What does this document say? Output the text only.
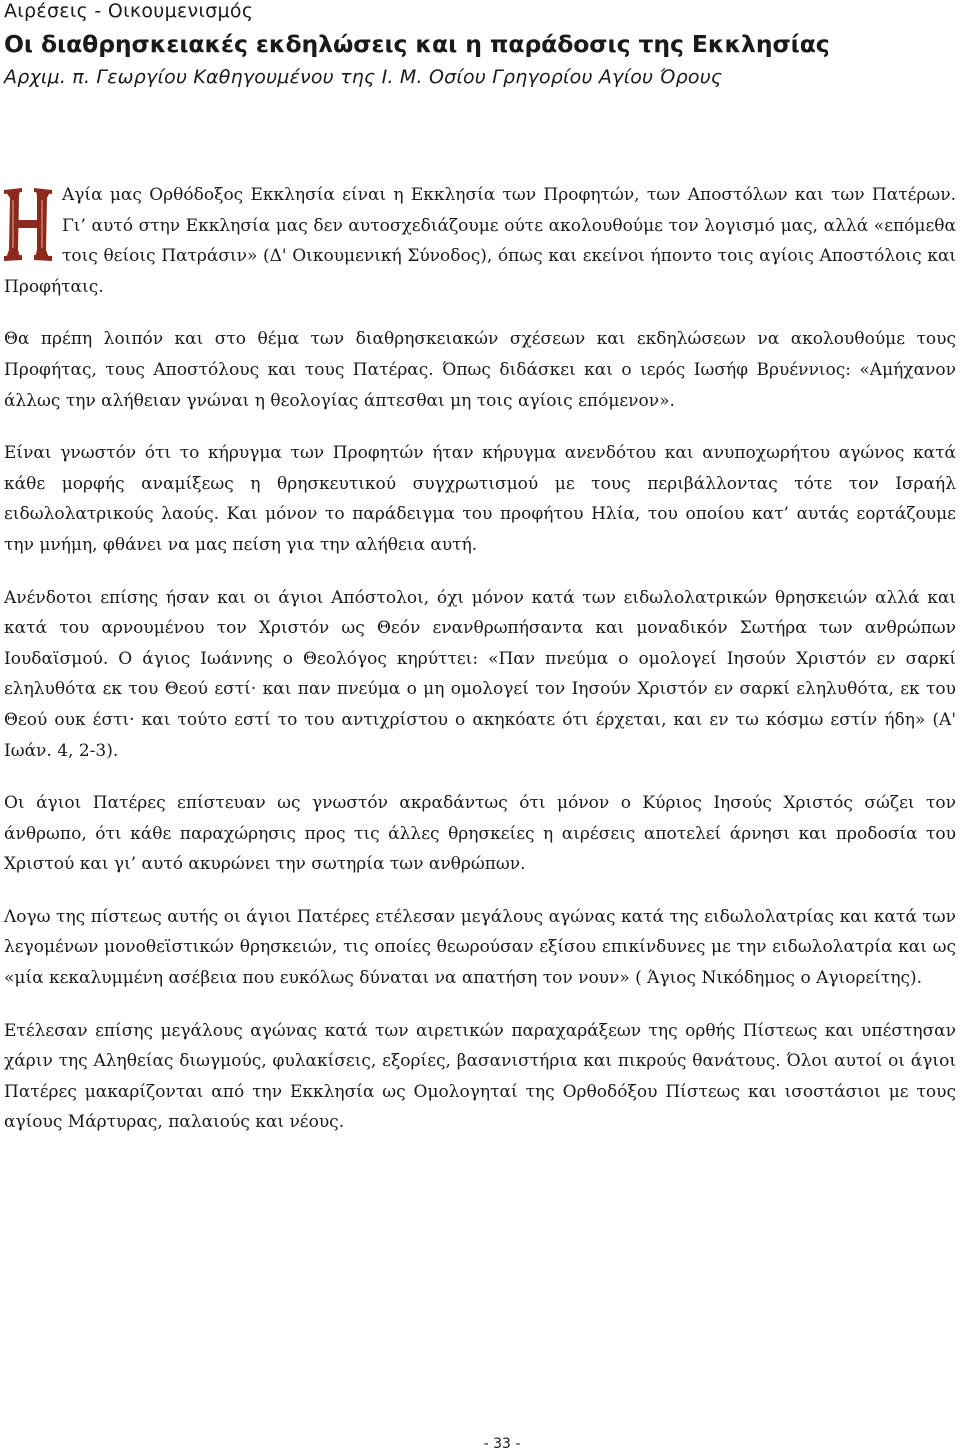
Αιρέσεις - Οικουμενισμός
Οι διαθρησκειακές εκδηλώσεις και η παράδοσις της Εκκλησίας
Αρχιμ. π. Γεωργίου Καθηγουμένου της Ι. Μ. Οσίου Γρηγορίου Αγίου Όρους

Αγία μας Ορθόδοξος Εκκλησία είναι η Εκκλησία των Προφητών, των Αποστόλων και των Πατέρων. Γι’ αυτό στην Εκκλησία μας δεν αυτοσχεδιάζουμε ούτε ακολουθούμε τον λογισμό μας, αλλά «επόμεθα τοις θείοις Πατράσιν» (Δ' Οικουμενική Σύνοδος), όπως και εκείνοι ήποντο τοις αγίοις Αποστόλοις και Προφήταις.

Θα πρέπη λοιπόν και στο θέμα των διαθρησκειακών σχέσεων και εκδηλώσεων να ακολουθούμε τους Προφήτας, τους Αποστόλους και τους Πατέρας. Όπως διδάσκει και ο ιερός Ιωσήφ Βρυέννιος: «Αμήχανον άλλως την αλήθειαν γνώναι η θεολογίας άπτεσθαι μη τοις αγίοις επόμενον».

Είναι γνωστόν ότι το κήρυγμα των Προφητών ήταν κήρυγμα ανενδότου και ανυποχωρήτου αγώνος κατά κάθε μορφής αναμίξεως η θρησκευτικού συγχρωτισμού με τους περιβάλλοντας τότε τον Ισραήλ ειδωλολατρικούς λαούς. Και μόνον το παράδειγμα του προφήτου Ηλία, του οποίου κατ’ αυτάς εορτάζουμε την μνήμη, φθάνει να μας πείση για την αλήθεια αυτή.

Ανένδοτοι επίσης ήσαν και οι άγιοι Απόστολοι, όχι μόνον κατά των ειδωλολατρικών θρησκειών αλλά και κατά του αρνουμένου τον Χριστόν ως Θεόν ενανθρωπήσαντα και μοναδικόν Σωτήρα των ανθρώπων Ιουδαϊσμού. Ο άγιος Ιωάννης ο Θεολόγος κηρύττει: «Παν πνεύμα ο ομολογεί Ιησούν Χριστόν εν σαρκί εληλυθότα εκ του Θεού εστί· και παν πνεύμα ο μη ομολογεί τον Ιησούν Χριστόν εν σαρκί εληλυθότα, εκ του Θεού ουκ έστι· και τούτο εστί το του αντιχρίστου ο ακηκόατε ότι έρχεται, και εν τω κόσμω εστίν ήδη» (Α' Ιωάν. 4, 2-3).

Οι άγιοι Πατέρες επίστευαν ως γνωστόν ακραδάντως ότι μόνον ο Κύριος Ιησούς Χριστός σώζει τον άνθρωπο, ότι κάθε παραχώρησις προς τις άλλες θρησκείες η αιρέσεις αποτελεί άρνησι και προδοσία του Χριστού και γι’ αυτό ακυρώνει την σωτηρία των ανθρώπων.

Λογω της πίστεως αυτής οι άγιοι Πατέρες ετέλεσαν μεγάλους αγώνας κατά της ειδωλολατρίας και κατά των λεγομένων μονοθεϊστικών θρησκειών, τις οποίες θεωρούσαν εξίσου επικίνδυνες με την ειδωλολατρία και ως «μία κεκαλυμμένη ασέβεια που ευκόλως δύναται να απατήση τον νουν» ( Άγιος Νικόδημος ο Αγιορείτης).

Ετέλεσαν επίσης μεγάλους αγώνας κατά των αιρετικών παραχαράξεων της ορθής Πίστεως και υπέστησαν χάριν της Αληθείας διωγμούς, φυλακίσεις, εξορίες, βασανιστήρια και πικρούς θανάτους. Όλοι αυτοί οι άγιοι Πατέρες μακαρίζονται από την Εκκλησία ως Ομολογηταί της Ορθοδόξου Πίστεως και ισοστάσιοι με τους αγίους Μάρτυρας, παλαιούς και νέους.

- 33 -
